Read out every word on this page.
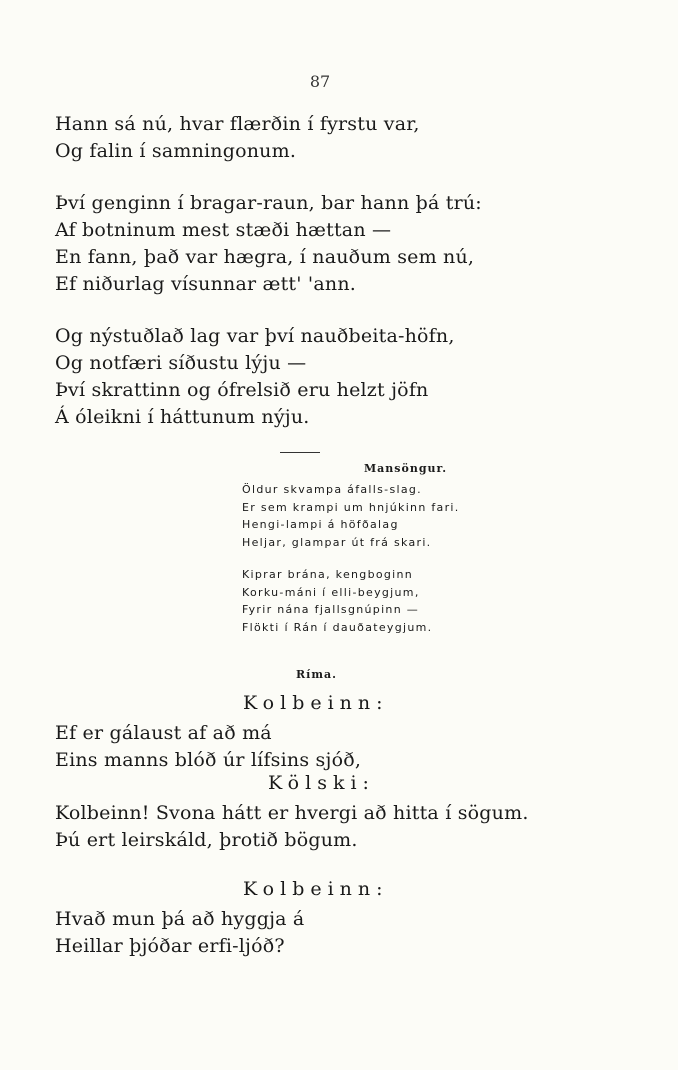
87
Hann sá nú, hvar flærðin í fyrstu var,
Og falin í samningonum.
Því genginn í bragar-raun, bar hann þá trú:
Af botninum mest stæði hættan —
En fann, það var hægra, í nauðum sem nú,
Ef niðurlag vísunnar ætt' 'ann.
Og nýstuðlað lag var því nauðbeita-höfn,
Og notfæri síðustu lýju —
Því skrattinn og ófrelsið eru helzt jöfn
Á óleikni í háttunum nýju.
Mansöngur.
Öldur skvampa áfalls-slag.
Er sem krampi um hnjúkinn fari.
Hengi-lampi á höfðalag
Heljar, glampar út frá skari.
Kiprar brána, kengboginn
Korku-máni í elli-beygjum,
Fyrir nána fjallsgnúpinn —
Flökti í Rán í dauðateygjum.
Ríma.
Kolbeinn:
Ef er gálaust af að má
Eins manns blóð úr lífsins sjóð,
Kölski:
Kolbeinn! Svona hátt er hvergi að hitta í sögum.
Þú ert leirskáld, þrotið bögum.
Kolbeinn:
Hvað mun þá að hyggja á
Heillar þjóðar erfi-ljóð?
